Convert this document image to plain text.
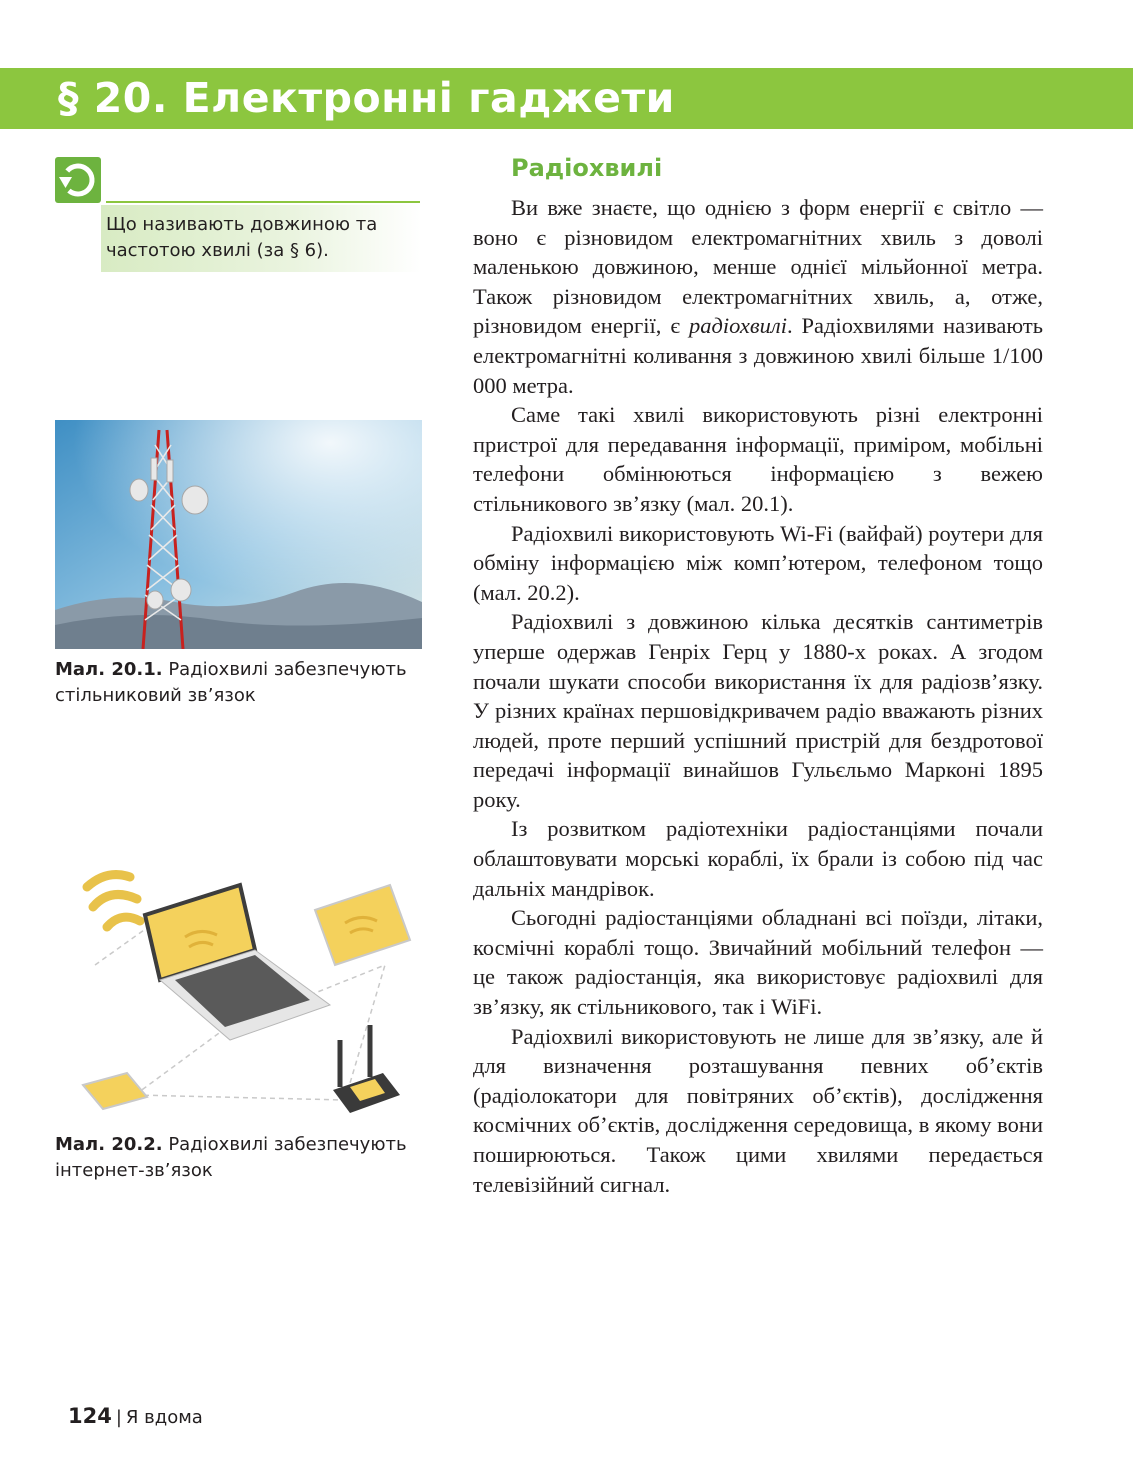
§ 20. Електронні гаджети
Що називають довжиною та частотою хвилі (за § 6).
Мал. 20.1. Радіохвилі забезпечують стільниковий зв’язок
Мал. 20.2. Радіохвилі забезпечують інтернет-зв’язок
Радіохвилі

Ви вже знаєте, що однією з форм енергії є світло — воно є різновидом електромагнітних хвиль з доволі маленькою довжиною, менше однієї мільйонної метра. Також різновидом електромагнітних хвиль, а, отже, різновидом енергії, є радіохвилі. Радіохвилями називають електромагнітні коливання з довжиною хвилі більше 1/100 000 метра.

Саме такі хвилі використовують різні електронні пристрої для передавання інформації, приміром, мобільні телефони обмінюються інформацією з вежею стільникового зв’язку (мал. 20.1).

Радіохвилі використовують Wi-Fi (вайфай) роутери для обміну інформацією між комп’ютером, телефоном тощо (мал. 20.2).

Радіохвилі з довжиною кілька десятків сантиметрів уперше одержав Генріх Герц у 1880-х роках. А згодом почали шукати способи використання їх для радіозв’язку. У різних країнах першовідкривачем радіо вважають різних людей, проте перший успішний пристрій для бездротової передачі інформації винайшов Гульєльмо Марконі 1895 року.

Із розвитком радіотехніки радіостанціями почали облаштовувати морські кораблі, їх брали із собою під час дальніх мандрівок.

Сьогодні радіостанціями обладнані всі поїзди, літаки, космічні кораблі тощо. Звичайний мобільний телефон — це також радіостанція, яка використовує радіохвилі для зв’язку, як стільникового, так і WiFi.

Радіохвилі використовують не лише для зв’язку, але й для визначення розташування певних об’єктів (радіолокатори для повітряних об’єктів), дослідження космічних об’єктів, дослідження середовища, в якому вони поширюються. Також цими хвилями передається телевізійний сигнал.

124 | Я вдома
